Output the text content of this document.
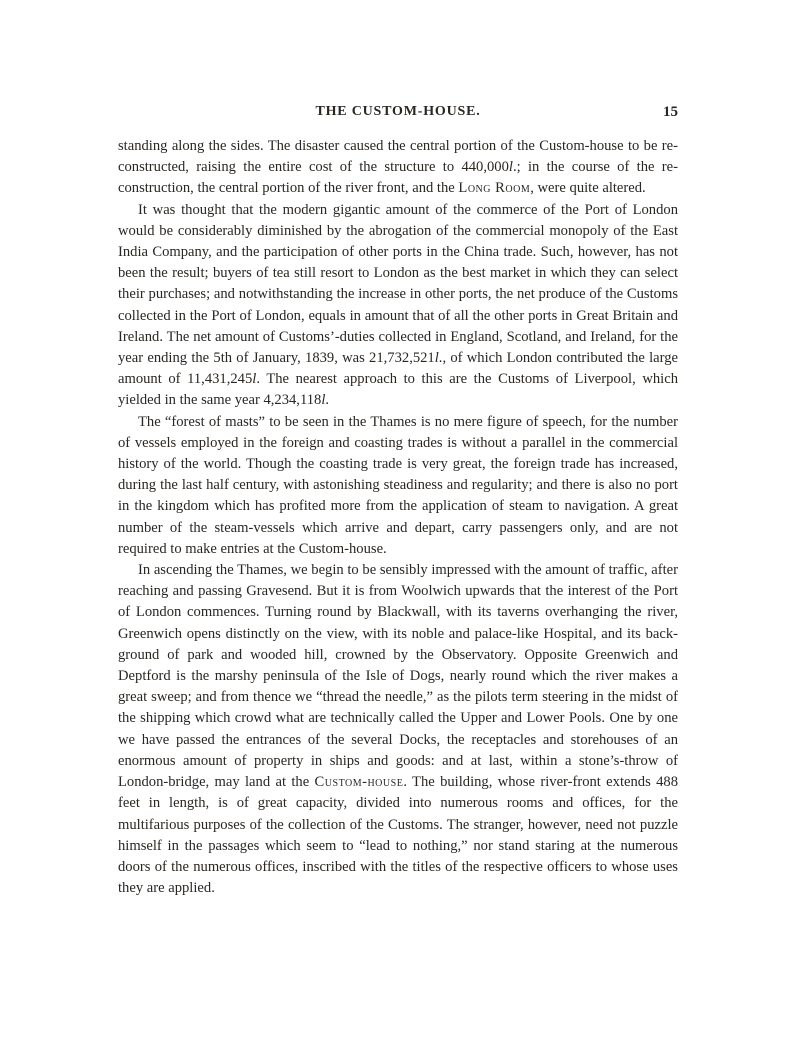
THE CUSTOM-HOUSE.	15

standing along the sides. The disaster caused the central portion of the Custom-house to be re-constructed, raising the entire cost of the structure to 440,000l.; in the course of the re-construction, the central portion of the river front, and the Long Room, were quite altered.

It was thought that the modern gigantic amount of the commerce of the Port of London would be considerably diminished by the abrogation of the commercial monopoly of the East India Company, and the participation of other ports in the China trade. Such, however, has not been the result; buyers of tea still resort to London as the best market in which they can select their purchases; and notwithstanding the increase in other ports, the net produce of the Customs collected in the Port of London, equals in amount that of all the other ports in Great Britain and Ireland. The net amount of Customs’-duties collected in England, Scotland, and Ireland, for the year ending the 5th of January, 1839, was 21,732,521l., of which London contributed the large amount of 11,431,245l. The nearest approach to this are the Customs of Liverpool, which yielded in the same year 4,234,118l.

The “forest of masts” to be seen in the Thames is no mere figure of speech, for the number of vessels employed in the foreign and coasting trades is without a parallel in the commercial history of the world. Though the coasting trade is very great, the foreign trade has increased, during the last half century, with astonishing steadiness and regularity; and there is also no port in the kingdom which has profited more from the application of steam to navigation. A great number of the steam-vessels which arrive and depart, carry passengers only, and are not required to make entries at the Custom-house.

In ascending the Thames, we begin to be sensibly impressed with the amount of traffic, after reaching and passing Gravesend. But it is from Woolwich upwards that the interest of the Port of London commences. Turning round by Blackwall, with its taverns overhanging the river, Greenwich opens distinctly on the view, with its noble and palace-like Hospital, and its back-ground of park and wooded hill, crowned by the Observatory. Opposite Greenwich and Deptford is the marshy peninsula of the Isle of Dogs, nearly round which the river makes a great sweep; and from thence we “thread the needle,” as the pilots term steering in the midst of the shipping which crowd what are technically called the Upper and Lower Pools. One by one we have passed the entrances of the several Docks, the receptacles and storehouses of an enormous amount of property in ships and goods: and at last, within a stone’s-throw of London-bridge, may land at the Custom-house. The building, whose river-front extends 488 feet in length, is of great capacity, divided into numerous rooms and offices, for the multifarious purposes of the collection of the Customs. The stranger, however, need not puzzle himself in the passages which seem to “lead to nothing,” nor stand staring at the numerous doors of the numerous offices, inscribed with the titles of the respective officers to whose uses they are applied.
